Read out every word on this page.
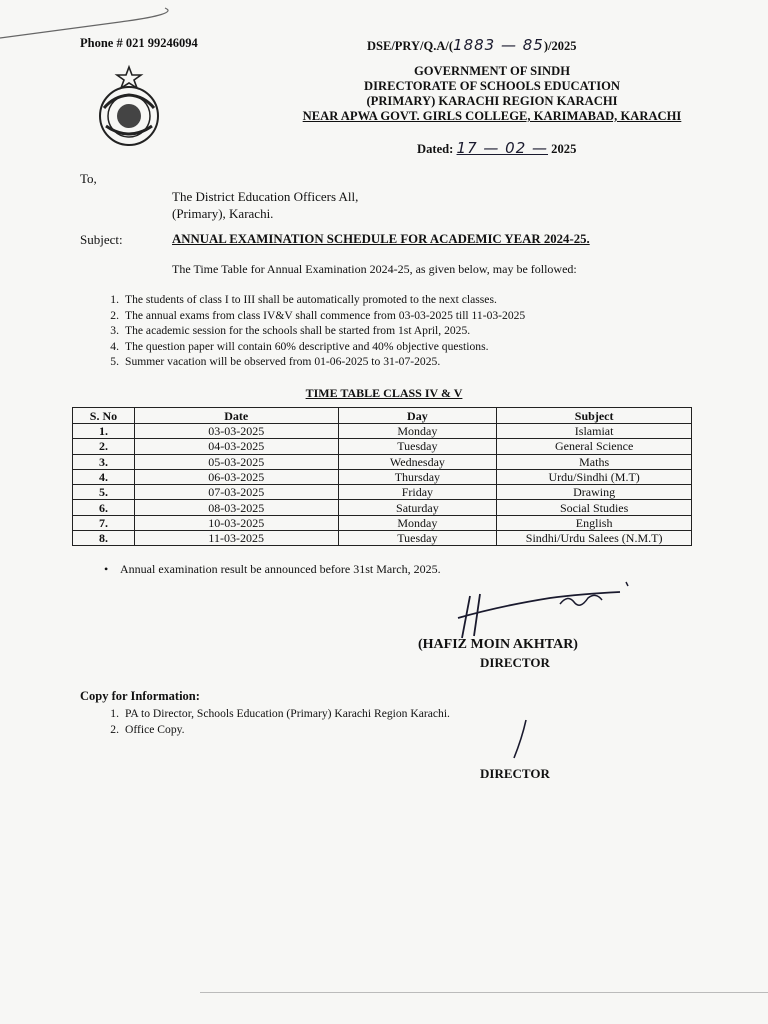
Phone # 021 99246094	DSE/PRY/Q.A/(1883 — 85)/2025
GOVERNMENT OF SINDH
DIRECTORATE OF SCHOOLS EDUCATION
(PRIMARY) KARACHI REGION KARACHI
NEAR APWA GOVT. GIRLS COLLEGE, KARIMABAD, KARACHI
Dated: 17 — 02 — 2025
To,
The District Education Officers All,
(Primary), Karachi.
Subject:	ANNUAL EXAMINATION SCHEDULE FOR ACADEMIC YEAR 2024-25.
The Time Table for Annual Examination 2024-25, as given below, may be followed:
1. The students of class I to III shall be automatically promoted to the next classes.
2. The annual exams from class IV&V shall commence from 03-03-2025 till 11-03-2025
3. The academic session for the schools shall be started from 1st April, 2025.
4. The question paper will contain 60% descriptive and 40% objective questions.
5. Summer vacation will be observed from 01-06-2025 to 31-07-2025.
TIME TABLE CLASS IV & V
S. No	Date	Day	Subject
1.	03-03-2025	Monday	Islamiat
2.	04-03-2025	Tuesday	General Science
3.	05-03-2025	Wednesday	Maths
4.	06-03-2025	Thursday	Urdu/Sindhi (M.T)
5.	07-03-2025	Friday	Drawing
6.	08-03-2025	Saturday	Social Studies
7.	10-03-2025	Monday	English
8.	11-03-2025	Tuesday	Sindhi/Urdu Salees (N.M.T)
• Annual examination result be announced before 31st March, 2025.
(HAFIZ MOIN AKHTAR)
DIRECTOR
Copy for Information:
1. PA to Director, Schools Education (Primary) Karachi Region Karachi.
2. Office Copy.
DIRECTOR
